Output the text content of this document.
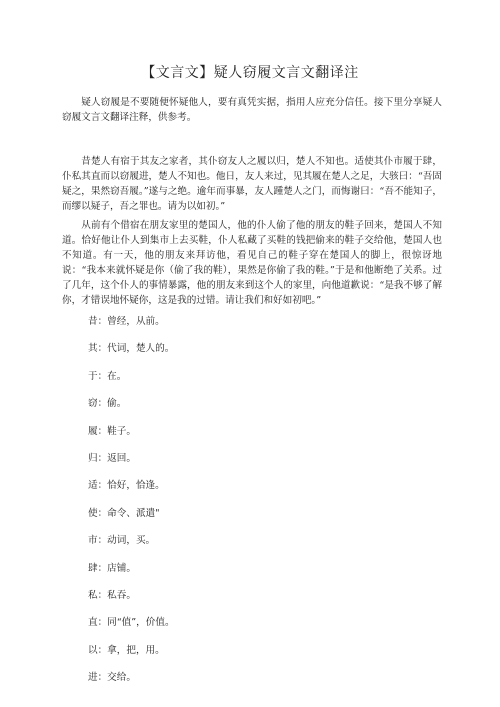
【文言文】疑人窃履文言文翻译注

疑人窃履是不要随便怀疑他人，要有真凭实据，指用人应充分信任。接下里分享疑人窃履文言文翻译注释，供参考。

昔楚人有宿于其友之家者，其仆窃友人之履以归，楚人不知也。适使其仆市履于肆，仆私其直而以窃履进，楚人不知也。他日，友人来过，见其履在楚人之足，大骇曰：“吾固疑之，果然窃吾履。”遂与之绝。逾年而事暴，友人踵楚人之门，而悔谢曰：“吾不能知子，而缪以疑子，吾之罪也。请为以如初。”

从前有个借宿在朋友家里的楚国人，他的仆人偷了他的朋友的鞋子回来，楚国人不知道。恰好他让仆人到集市上去买鞋，仆人私藏了买鞋的钱把偷来的鞋子交给他，楚国人也不知道。有一天，他的朋友来拜访他，看见自己的鞋子穿在楚国人的脚上，很惊讶地说：“我本来就怀疑是你（偷了我的鞋），果然是你偷了我的鞋。”于是和他断绝了关系。过了几年，这个仆人的事情暴露，他的朋友来到这个人的家里，向他道歉说：“是我不够了解你，才错误地怀疑你，这是我的过错。请让我们和好如初吧。”

昔：曾经，从前。
其：代词，楚人的。
于：在。
窃：偷。
履：鞋子。
归：返回。
适：恰好，恰逢。
使：命令、派遣"
市：动词，买。
肆：店铺。
私：私吞。
直：同“值”，价值。
以：拿，把，用。
进：交给。
